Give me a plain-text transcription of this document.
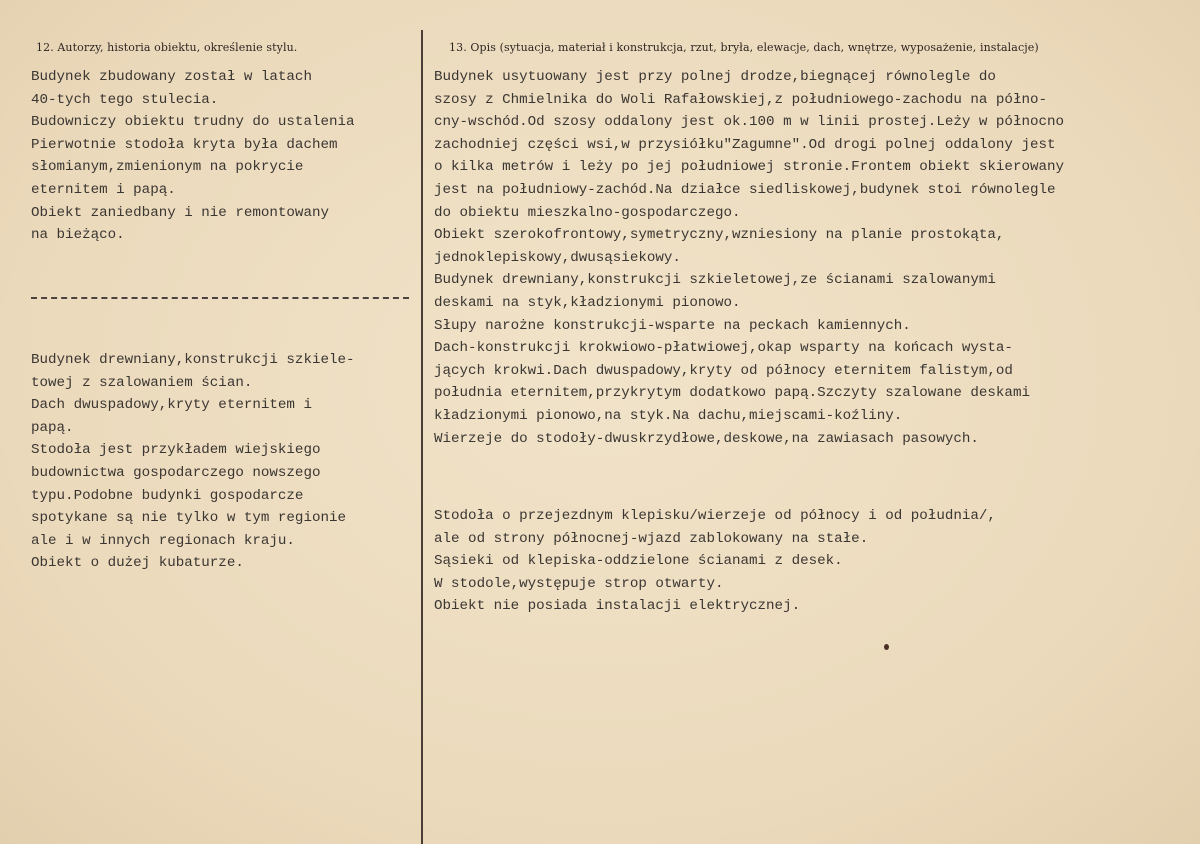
12. Autorzy, historia obiektu, określenie stylu.	13. Opis (sytuacja, materiał i konstrukcja, rzut, bryła, elewacje, dach, wnętrze, wyposażenie, instalacje)
Budynek zbudowany został w latach
40-tych tego stulecia.
Budowniczy obiektu trudny do ustalenia
Pierwotnie stodoła kryta była dachem
słomianym,zmienionym na pokrycie
eternitem i papą.
Obiekt zaniedbany i nie remontowany
na bieżąco.
Budynek drewniany,konstrukcji szkiele-
towej z szalowaniem ścian.
Dach dwuspadowy,kryty eternitem i
papą.
Stodoła jest przykładem wiejskiego
budownictwa gospodarczego nowszego
typu.Podobne budynki gospodarcze
spotykane są nie tylko w tym regionie
ale i w innych regionach kraju.
Obiekt o dużej kubaturze.
Budynek usytuowany jest przy polnej drodze,biegnącej równolegle do
szosy z Chmielnika do Woli Rafałowskiej,z południowego-zachodu na półno-
cny-wschód.Od szosy oddalony jest ok.100 m w linii prostej.Leży w północno
zachodniej części wsi,w przysiółku"Zagumne".Od drogi polnej oddalony jest
o kilka metrów i leży po jej południowej stronie.Frontem obiekt skierowany
jest na południowy-zachód.Na działce siedliskowej,budynek stoi równolegle
do obiektu mieszkalno-gospodarczego.
Obiekt szerokofrontowy,symetryczny,wzniesiony na planie prostokąta,
jednoklepiskowy,dwusąsiekowy.
Budynek drewniany,konstrukcji szkieletowej,ze ścianami szalowanymi
deskami na styk,kładzionymi pionowo.
Słupy narożne konstrukcji-wsparte na peckach kamiennych.
Dach-konstrukcji krokwiowo-płatwiowej,okap wsparty na końcach wysta-
jących krokwi.Dach dwuspadowy,kryty od północy eternitem falistym,od
południa eternitem,przykrytym dodatkowo papą.Szczyty szalowane deskami
kładzionymi pionowo,na styk.Na dachu,miejscami-koźliny.
Wierzeje do stodoły-dwuskrzydłowe,deskowe,na zawiasach pasowych.
Stodoła o przejezdnym klepisku/wierzeje od północy i od południa/,
ale od strony północnej-wjazd zablokowany na stałe.
Sąsieki od klepiska-oddzielone ścianami z desek.
W stodole,występuje strop otwarty.
Obiekt nie posiada instalacji elektrycznej.
